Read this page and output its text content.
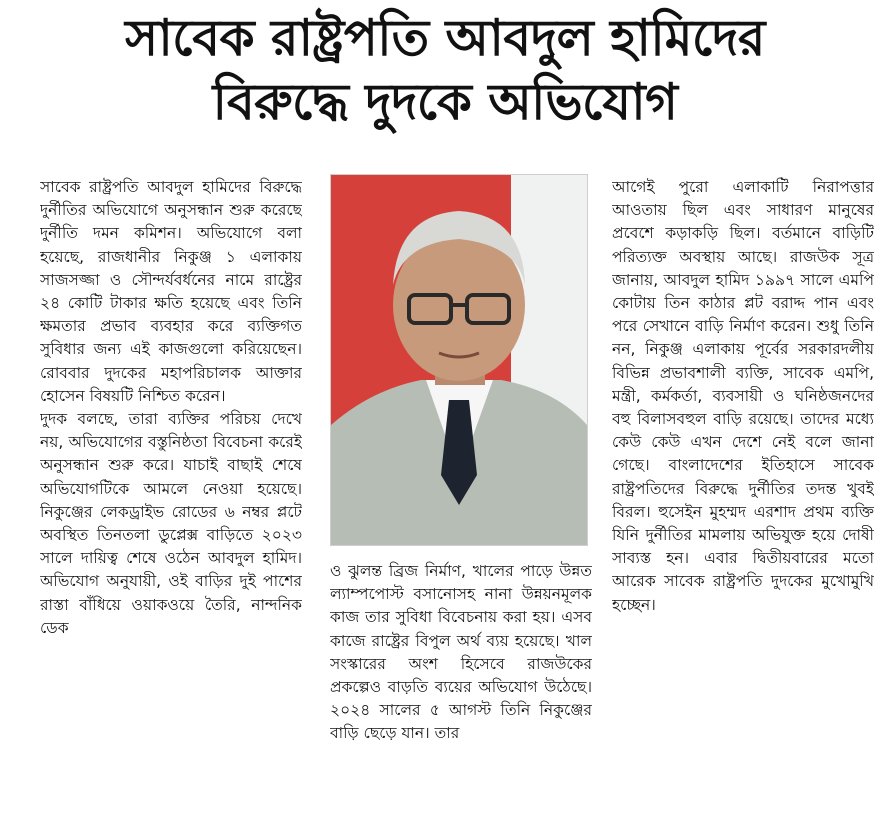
সাবেক রাষ্ট্রপতি আবদুল হামিদের
বিরুদ্ধে দুদকে অভিযোগ

সাবেক রাষ্ট্রপতি আবদুল হামিদের বিরুদ্ধে দুর্নীতির অভিযোগে অনুসন্ধান শুরু করেছে দুর্নীতি দমন কমিশন। অভিযোগে বলা হয়েছে, রাজধানীর নিকুঞ্জ ১ এলাকায় সাজসজ্জা ও সৌন্দর্যবর্ধনের নামে রাষ্ট্রের ২৪ কোটি টাকার ক্ষতি হয়েছে এবং তিনি ক্ষমতার প্রভাব ব্যবহার করে ব্যক্তিগত সুবিধার জন্য এই কাজগুলো করিয়েছেন। রোববার দুদকের মহাপরিচালক আক্তার হোসেন বিষয়টি নিশ্চিত করেন।

দুদক বলছে, তারা ব্যক্তির পরিচয় দেখে নয়, অভিযোগের বস্তুনিষ্ঠতা বিবেচনা করেই অনুসন্ধান শুরু করে। যাচাই বাছাই শেষে অভিযোগটিকে আমলে নেওয়া হয়েছে। নিকুঞ্জের লেকড্রাইভ রোডের ৬ নম্বর প্লটে অবস্থিত তিনতলা ডুপ্লেক্স বাড়িতে ২০২৩ সালে দায়িত্ব শেষে ওঠেন আবদুল হামিদ। অভিযোগ অনুযায়ী, ওই বাড়ির দুই পাশের রাস্তা বাঁধিয়ে ওয়াকওয়ে তৈরি, নান্দনিক ডেক

ও ঝুলন্ত ব্রিজ নির্মাণ, খালের পাড়ে উন্নত ল্যাম্পপোস্ট বসানোসহ নানা উন্নয়নমূলক কাজ তার সুবিধা বিবেচনায় করা হয়। এসব কাজে রাষ্ট্রের বিপুল অর্থ ব্যয় হয়েছে। খাল সংস্কারের অংশ হিসেবে রাজউকের প্রকল্পেও বাড়তি ব্যয়ের অভিযোগ উঠেছে। ২০২৪ সালের ৫ আগস্ট তিনি নিকুঞ্জের বাড়ি ছেড়ে যান। তার

আগেই পুরো এলাকাটি নিরাপত্তার আওতায় ছিল এবং সাধারণ মানুষের প্রবেশে কড়াকড়ি ছিল। বর্তমানে বাড়িটি পরিত্যক্ত অবস্থায় আছে। রাজউক সূত্র জানায়, আবদুল হামিদ ১৯৯৭ সালে এমপি কোটায় তিন কাঠার প্লট বরাদ্দ পান এবং পরে সেখানে বাড়ি নির্মাণ করেন। শুধু তিনি নন, নিকুঞ্জ এলাকায় পূর্বের সরকারদলীয় বিভিন্ন প্রভাবশালী ব্যক্তি, সাবেক এমপি, মন্ত্রী, কর্মকর্তা, ব্যবসায়ী ও ঘনিষ্ঠজনদের বহু বিলাসবহুল বাড়ি রয়েছে। তাদের মধ্যে কেউ কেউ এখন দেশে নেই বলে জানা গেছে। বাংলাদেশের ইতিহাসে সাবেক রাষ্ট্রপতিদের বিরুদ্ধে দুর্নীতির তদন্ত খুবই বিরল। হুসেইন মুহম্মদ এরশাদ প্রথম ব্যক্তি যিনি দুর্নীতির মামলায় অভিযুক্ত হয়ে দোষী সাব্যস্ত হন। এবার দ্বিতীয়বারের মতো আরেক সাবেক রাষ্ট্রপতি দুদকের মুখোমুখি হচ্ছেন।
